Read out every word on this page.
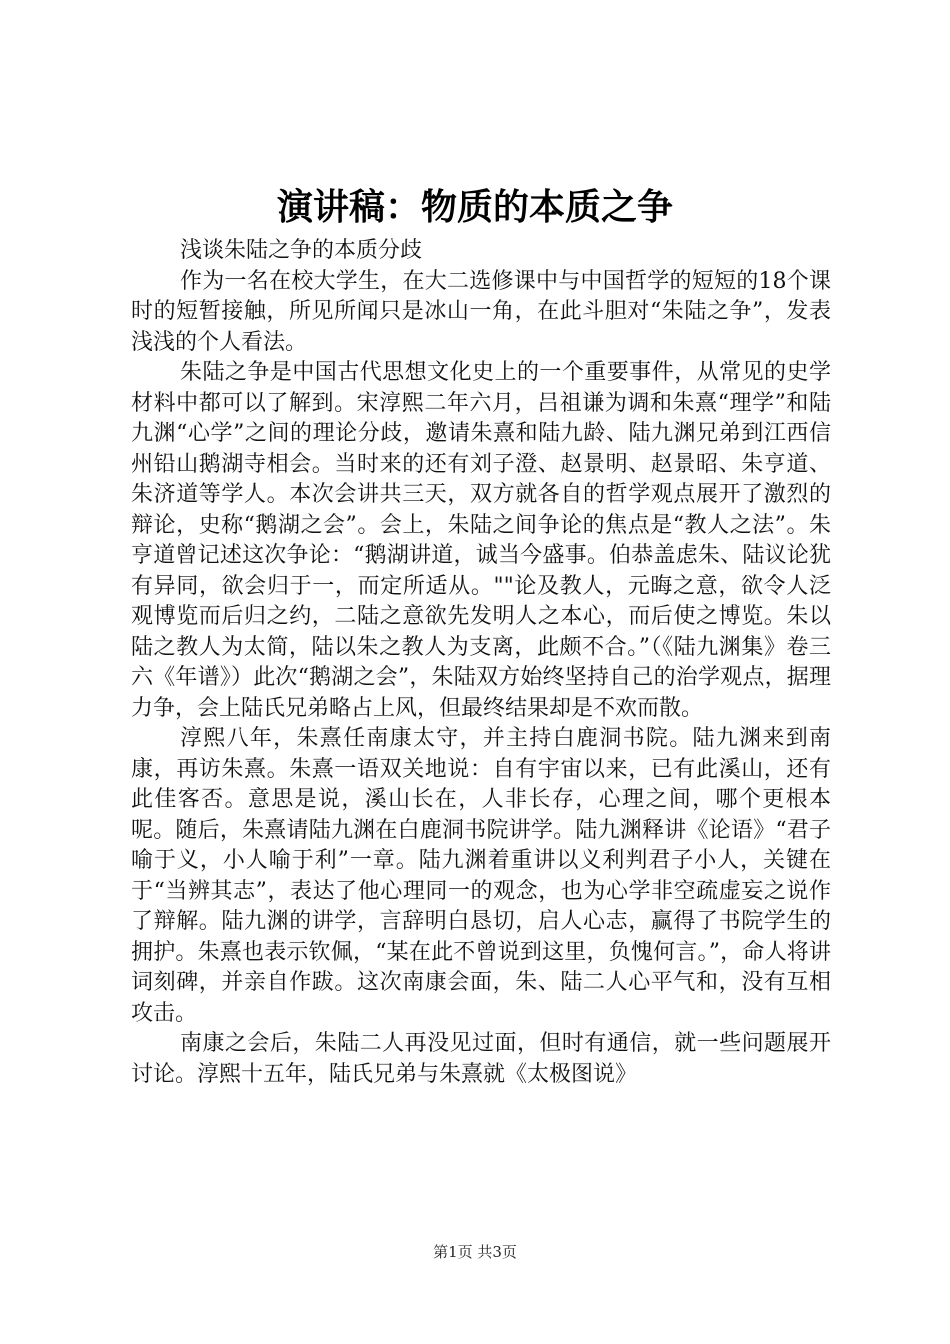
演讲稿：物质的本质之争

浅谈朱陆之争的本质分歧

作为一名在校大学生，在大二选修课中与中国哲学的短短的18个课时的短暂接触，所见所闻只是冰山一角，在此斗胆对“朱陆之争”，发表浅浅的个人看法。

朱陆之争是中国古代思想文化史上的一个重要事件，从常见的史学材料中都可以了解到。宋淳熙二年六月，吕祖谦为调和朱熹“理学”和陆九渊“心学”之间的理论分歧，邀请朱熹和陆九龄、陆九渊兄弟到江西信州铅山鹅湖寺相会。当时来的还有刘子澄、赵景明、赵景昭、朱亨道、朱济道等学人。本次会讲共三天，双方就各自的哲学观点展开了激烈的辩论，史称“鹅湖之会”。会上，朱陆之间争论的焦点是“教人之法”。朱亨道曾记述这次争论：“鹅湖讲道，诚当今盛事。伯恭盖虑朱、陆议论犹有异同，欲会归于一，而定所适从。""论及教人，元晦之意，欲令人泛观博览而后归之约，二陆之意欲先发明人之本心，而后使之博览。朱以陆之教人为太简，陆以朱之教人为支离，此颇不合。”（《陆九渊集》卷三六《年谱》）此次“鹅湖之会”，朱陆双方始终坚持自己的治学观点，据理力争，会上陆氏兄弟略占上风，但最终结果却是不欢而散。

淳熙八年，朱熹任南康太守，并主持白鹿洞书院。陆九渊来到南康，再访朱熹。朱熹一语双关地说：自有宇宙以来，已有此溪山，还有此佳客否。意思是说，溪山长在，人非长存，心理之间，哪个更根本呢。随后，朱熹请陆九渊在白鹿洞书院讲学。陆九渊释讲《论语》“君子喻于义，小人喻于利”一章。陆九渊着重讲以义利判君子小人，关键在于“当辨其志”，表达了他心理同一的观念，也为心学非空疏虚妄之说作了辩解。陆九渊的讲学，言辞明白恳切，启人心志，赢得了书院学生的拥护。朱熹也表示钦佩，“某在此不曾说到这里，负愧何言。”，命人将讲词刻碑，并亲自作跋。这次南康会面，朱、陆二人心平气和，没有互相攻击。

南康之会后，朱陆二人再没见过面，但时有通信，就一些问题展开讨论。淳熙十五年，陆氏兄弟与朱熹就《太极图说》

第1页 共3页
